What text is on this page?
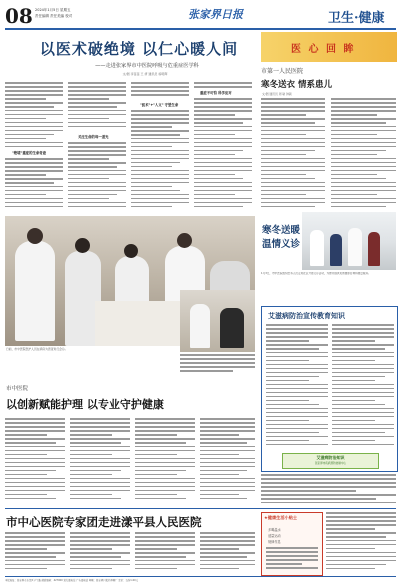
08 2024年1月5日 星期五
责任编辑 责任美编 校对	张家界日报	卫生·健康
以医术破绝境 以仁心暖人间
——走进张家界市中医院呼吸与危重症医学科
文/图 李苗苗 王 妍 通讯员 杨明辉
"绝境"重症的生命奇迹
关注生命的每一道光
"医术"+"人文" 守望生命
重症不可怕 科学应对
日前，市中医院医护人员在病房为患者进行会诊。
医 心 回 眸
市第一人民医院
寒冬送衣 情系患儿
文/图 通讯员 周 敏 钟颖
寒冬送暖
温情义诊
1月3日，市中医院组织医务人员走进社区开展义诊活动，为群众提供免费健康咨询和测量服务。
艾滋病防治宣传教育知识
艾滋病防治知识
张家界市疾病预防控制中心
市中医院
以创新赋能护理 以专业守护健康
市中心医院专家团走进漾平县人民医院	★健康生活小贴士
多喝温水
适量运动
规律作息
本报地址：张家界市永定区子午路 邮政编码：427000 发行部电话 广告部电话 印刷：张家界日报社印刷厂 定价：每份1.00元
